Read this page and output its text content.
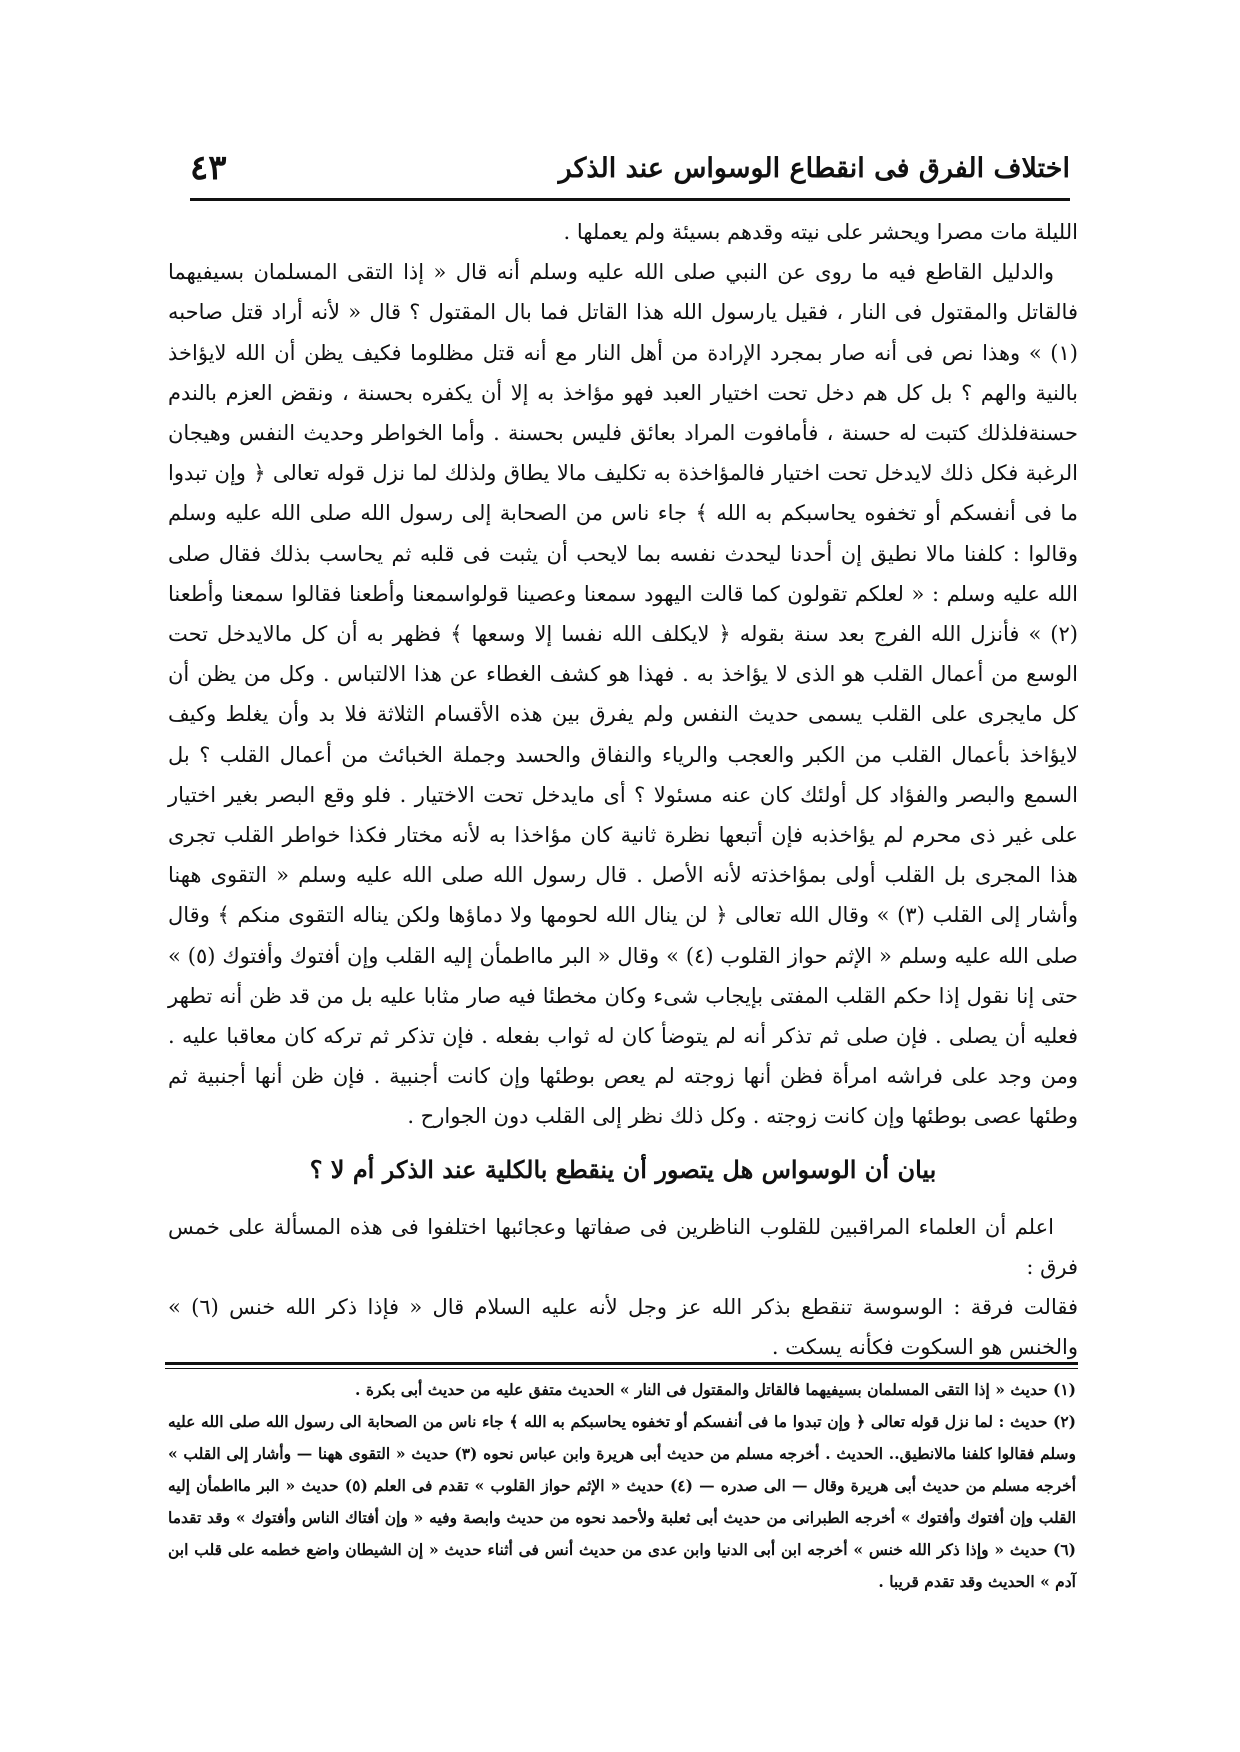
اختلاف الفرق فى انقطاع الوسواس عند الذكر
٤٣

الليلة مات مصرا ويحشر على نيته وقدهم بسيئة ولم يعملها .

والدليل القاطع فيه ما روى عن النبي صلى الله عليه وسلم أنه قال « إذا التقى المسلمان بسيفيهما فالقاتل والمقتول فى النار ، فقيل يارسول الله هذا القاتل فما بال المقتول ؟ قال « لأنه أراد قتل صاحبه (١) » وهذا نص فى أنه صار بمجرد الإرادة من أهل النار مع أنه قتل مظلوما فكيف يظن أن الله لايؤاخذ بالنية والهم ؟ بل كل هم دخل تحت اختيار العبد فهو مؤاخذ به إلا أن يكفره بحسنة ، ونقض العزم بالندم حسنةفلذلك كتبت له حسنة ، فأمافوت المراد بعائق فليس بحسنة . وأما الخواطر وحديث النفس وهيجان الرغبة فكل ذلك لايدخل تحت اختيار فالمؤاخذة به تكليف مالا يطاق ولذلك لما نزل قوله تعالى ﴿ وإن تبدوا ما فى أنفسكم أو تخفوه يحاسبكم به الله ﴾ جاء ناس من الصحابة إلى رسول الله صلى الله عليه وسلم وقالوا : كلفنا مالا نطيق إن أحدنا ليحدث نفسه بما لايحب أن يثبت فى قلبه ثم يحاسب بذلك فقال صلى الله عليه وسلم : « لعلكم تقولون كما قالت اليهود سمعنا وعصينا قولواسمعنا وأطعنا فقالوا سمعنا وأطعنا (٢) » فأنزل الله الفرج بعد سنة بقوله ﴿ لايكلف الله نفسا إلا وسعها ﴾ فظهر به أن كل مالايدخل تحت الوسع من أعمال القلب هو الذى لا يؤاخذ به . فهذا هو كشف الغطاء عن هذا الالتباس . وكل من يظن أن كل مايجرى على القلب يسمى حديث النفس ولم يفرق بين هذه الأقسام الثلاثة فلا بد وأن يغلط وكيف لايؤاخذ بأعمال القلب من الكبر والعجب والرياء والنفاق والحسد وجملة الخبائث من أعمال القلب ؟ بل السمع والبصر والفؤاد كل أولئك كان عنه مسئولا ؟ أى مايدخل تحت الاختيار . فلو وقع البصر بغير اختيار على غير ذى محرم لم يؤاخذبه فإن أتبعها نظرة ثانية كان مؤاخذا به لأنه مختار فكذا خواطر القلب تجرى هذا المجرى بل القلب أولى بمؤاخذته لأنه الأصل . قال رسول الله صلى الله عليه وسلم « التقوى ههنا وأشار إلى القلب (٣) » وقال الله تعالى ﴿ لن ينال الله لحومها ولا دماؤها ولكن يناله التقوى منكم ﴾ وقال صلى الله عليه وسلم « الإثم حواز القلوب (٤) » وقال « البر مااطمأن إليه القلب وإن أفتوك وأفتوك (٥) » حتى إنا نقول إذا حكم القلب المفتى بإيجاب شىء وكان مخطئا فيه صار مثابا عليه بل من قد ظن أنه تطهر فعليه أن يصلى . فإن صلى ثم تذكر أنه لم يتوضأ كان له ثواب بفعله . فإن تذكر ثم تركه كان معاقبا عليه . ومن وجد على فراشه امرأة فظن أنها زوجته لم يعص بوطئها وإن كانت أجنبية . فإن ظن أنها أجنبية ثم وطئها عصى بوطئها وإن كانت زوجته . وكل ذلك نظر إلى القلب دون الجوارح .

بيان أن الوسواس هل يتصور أن ينقطع بالكلية عند الذكر أم لا ؟

اعلم أن العلماء المراقبين للقلوب الناظرين فى صفاتها وعجائبها اختلفوا فى هذه المسألة على خمس فرق :

فقالت فرقة : الوسوسة تنقطع بذكر الله عز وجل لأنه عليه السلام قال « فإذا ذكر الله خنس (٦) » والخنس هو السكوت فكأنه يسكت .

(١) حديث « إذا التقى المسلمان بسيفيهما فالقاتل والمقتول فى النار » الحديث متفق عليه من حديث أبى بكرة .

(٢) حديث : لما نزل قوله تعالى ﴿ وإن تبدوا ما فى أنفسكم أو تخفوه يحاسبكم به الله ﴾ جاء ناس من الصحابة الى رسول الله صلى الله عليه وسلم فقالوا كلفنا مالانطيق.. الحديث . أخرجه مسلم من حديث أبى هريرة وابن عباس نحوه (٣) حديث « التقوى ههنا — وأشار إلى القلب » أخرجه مسلم من حديث أبى هريرة وقال — الى صدره — (٤) حديث « الإثم حواز القلوب » تقدم فى العلم (٥) حديث « البر مااطمأن إليه القلب وإن أفتوك وأفتوك » أخرجه الطبرانى من حديث أبى ثعلبة ولأحمد نحوه من حديث وابصة وفيه « وإن أفتاك الناس وأفتوك » وقد تقدما (٦) حديث « وإذا ذكر الله خنس » أخرجه ابن أبى الدنيا وابن عدى من حديث أنس فى أثناء حديث « إن الشيطان واضع خطمه على قلب ابن آدم » الحديث وقد تقدم قريبا .
